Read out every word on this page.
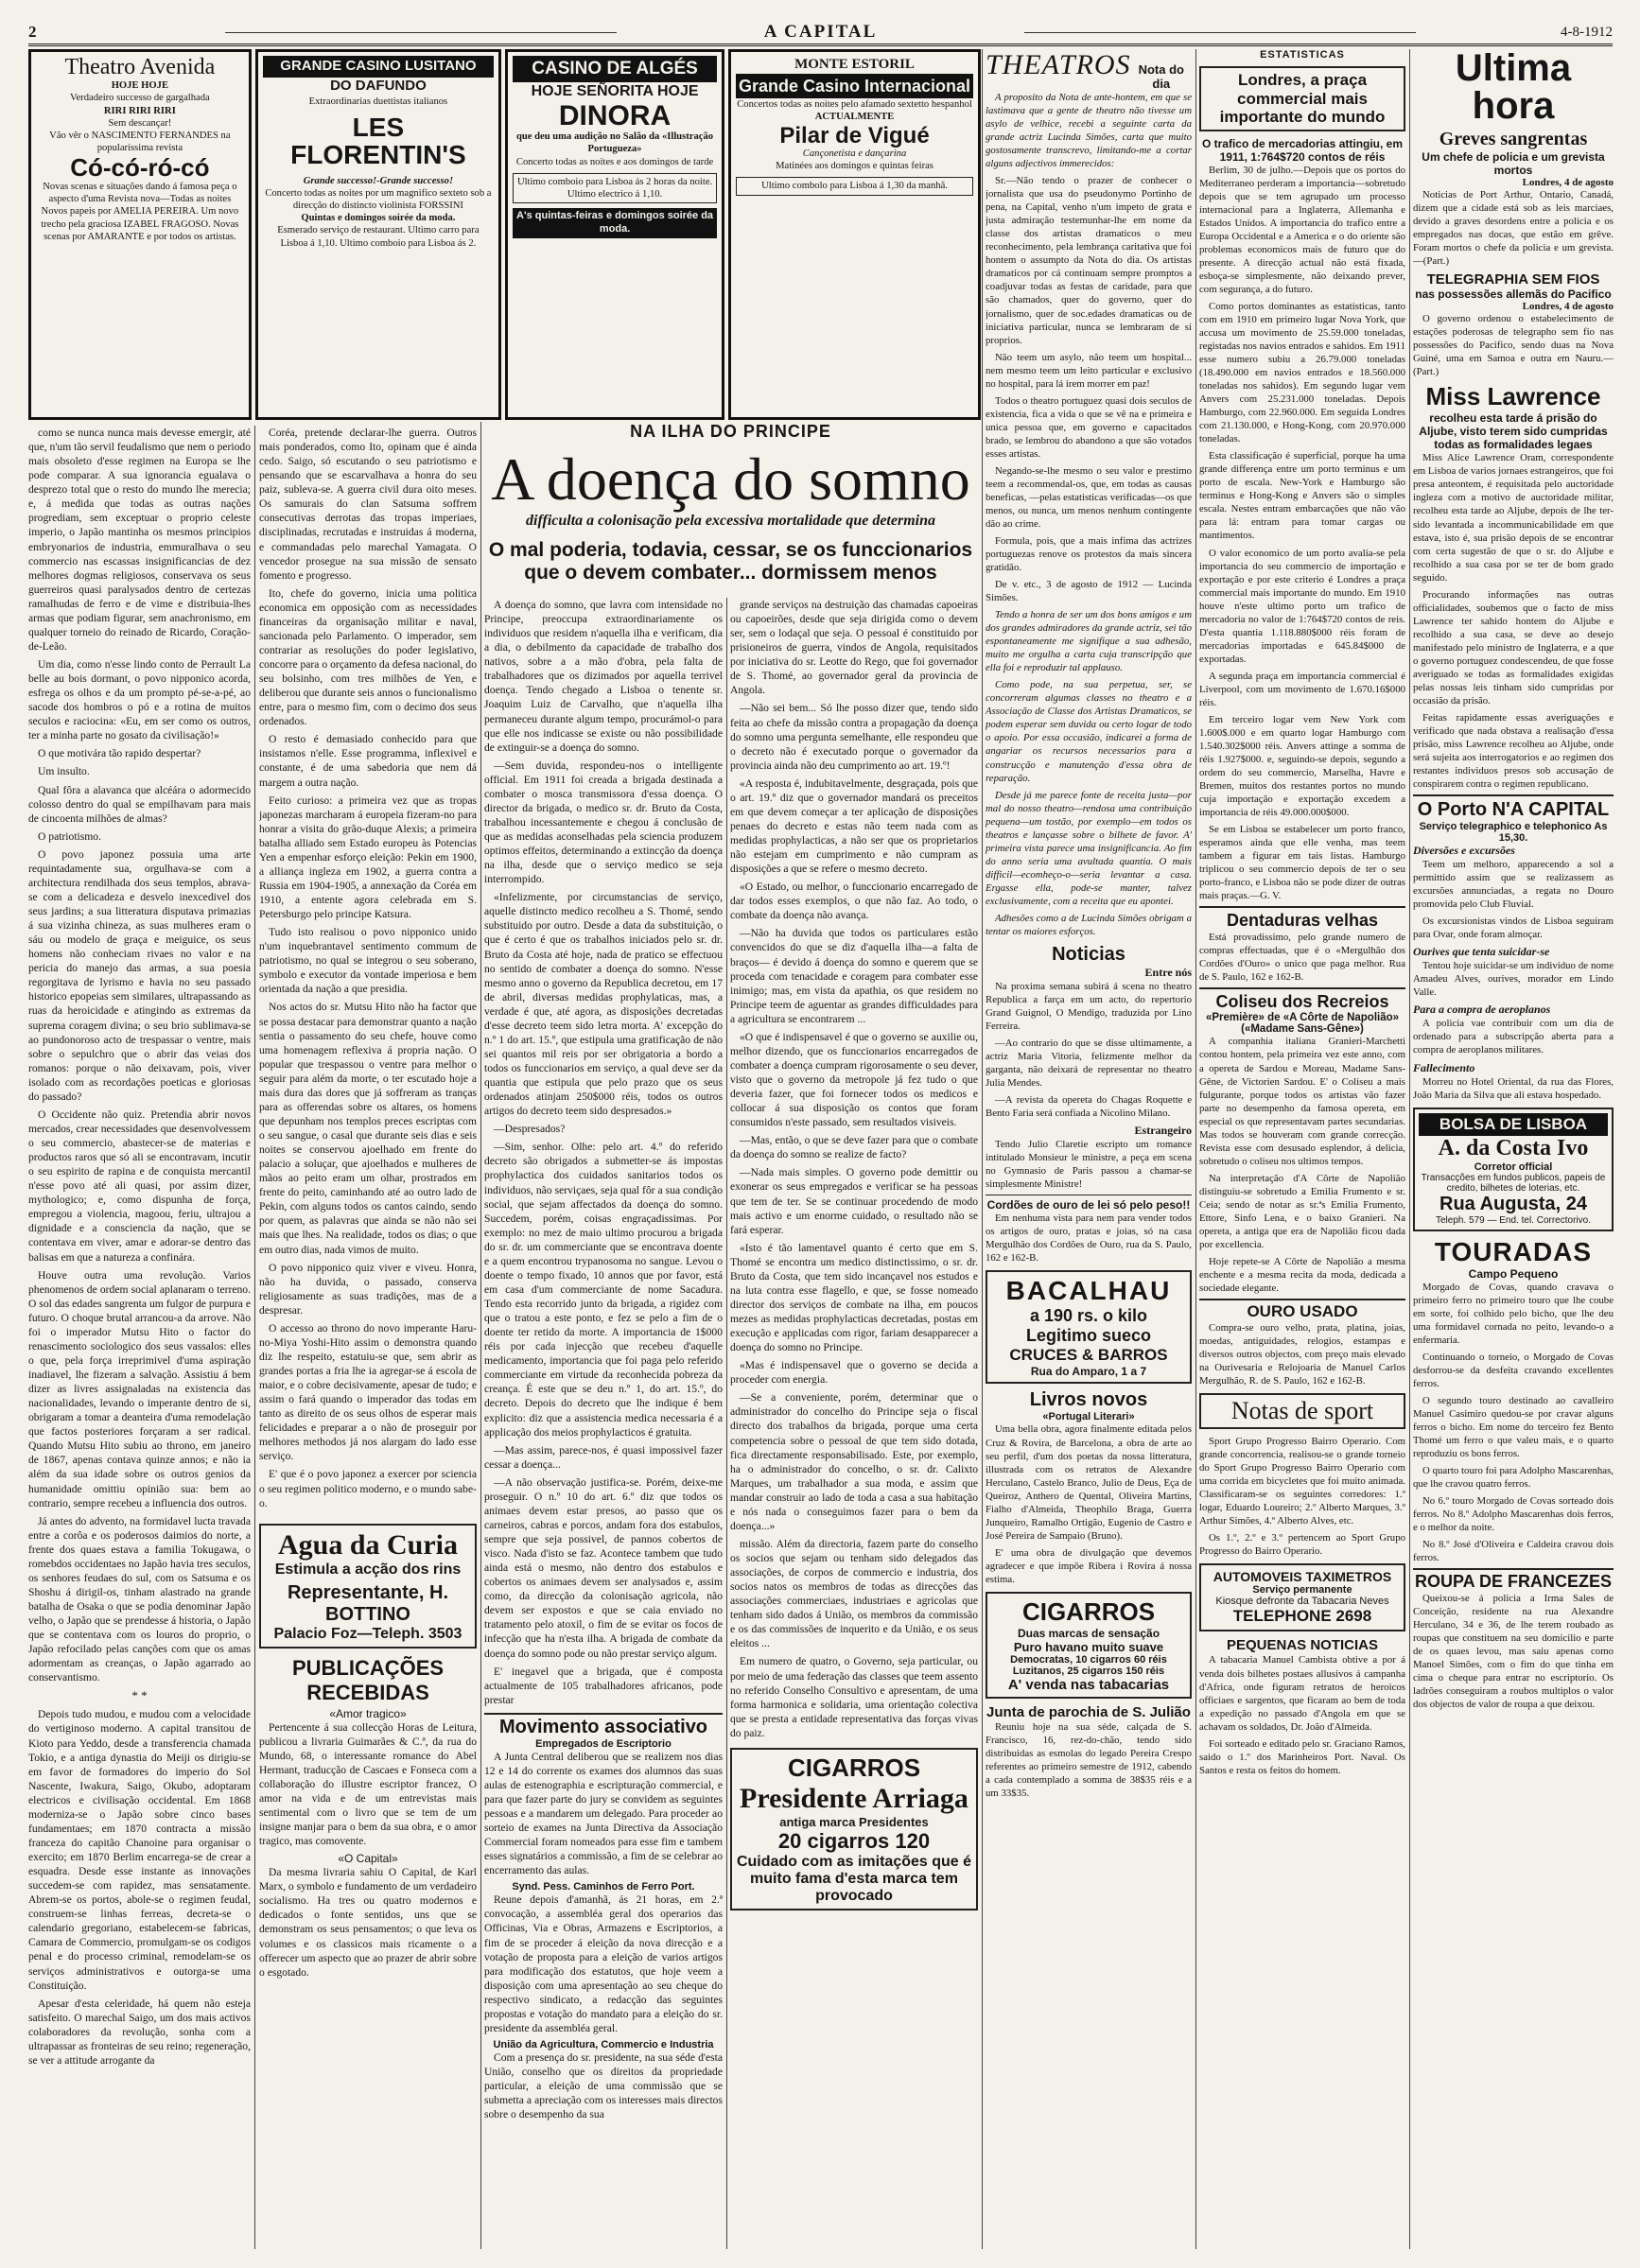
2	A CAPITAL	4-8-1912
Theatro Avenida
HOJE HOJE
Verdadeiro successo de gargalhada
RIRI RIRI RIRI
Sem descançar!
Vão vêr o NASCIMENTO FERNANDES na popularíssima revista
Có-có-ró-có
Novas scenas e situações dando á famosa peça o aspecto d'uma Revista nova—Todas as noites Novos papeis por AMELIA PEREIRA. Um novo trecho pela graciosa IZABEL FRAGOSO. Novas scenas por AMARANTE e por todos os artistas.
GRANDE CASINO LUSITANO
DO DAFUNDO
Extraordinarias duettistas italianos
LES FLORENTIN'S
Grande successo!-Grande successo!
Concerto todas as noites por um magnifico sexteto sob a direcção do distincto violinista FORSSINI
Quintas e domingos soirée da moda.
Esmerado serviço de restaurant. Ultimo carro para Lisboa á 1,10. Ultimo comboio para Lisboa ás 2.
CASINO DE ALGÉS
HOJE SEÑORITA HOJE
DINORA
que deu uma audição no Salão da «Illustração Portugueza»
Concerto todas as noites e aos domingos de tarde
Ultimo comboio para Lisboa ás 2 horas da noite. Ultimo electrico á 1,10.
A's quintas-feiras e domingos soirée da moda.
MONTE ESTORIL
Grande Casino Internacional
Concertos todas as noites pelo afamado sextetto hespanhol
ACTUALMENTE
Pilar de Vigué
Cançonetista e dançarina
Matinées aos domingos e quintas feiras
Ultimo combolo para Lisboa á 1,30 da manhã.

como se nunca nunca mais devesse emergir, até que, n'um tão servil feudalismo que nem o periodo mais obsoleto d'esse regimen na Europa se lhe pode comparar. A sua ignorancia egualava o desprezo total que o resto do mundo lhe merecia; e, á medida que todas as outras nações progrediam, sem exceptuar o proprio celeste imperio, o Japão mantinha os mesmos principios embryonarios de industria, emmuralhava o seu commercio nas escassas insignificancias de dez melhores dogmas religiosos, conservava os seus guerreiros quasi paralysados dentro de certezas ramalhudas de ferro e de vime e distribuia-lhes armas que podiam figurar, sem anachronismo, em qualquer torneio do reinado de Ricardo, Coração-de-Leão.

Um dia, como n'esse lindo conto de Perrault La belle au bois dormant, o povo nipponico acorda, esfrega os olhos e da um prompto pé-se-a-pé, ao sacode dos hombros o pó e a rotina de muitos seculos e raciocina: «Eu, em ser como os outros, ter a minha parte no gosato da civilisação!»

O que motivára tão rapido despertar?

Um insulto.

Qual fôra a alavanca que alcéára o adormecido colosso dentro do qual se empilhavam para mais de cincoenta milhões de almas?

O patriotismo.

O povo japonez possuia uma arte requintadamente sua, orgulhava-se com a architectura rendilhada dos seus templos, abrava-se com a delicadeza e desvelo inexcedivel dos seus jardins; a sua litteratura disputava primazias á sua vizinha chineza, as suas mulheres eram o sáu ou modelo de graça e meiguice, os seus homens não conheciam rivaes no valor e na pericia do manejo das armas, a sua poesia regorgitava de lyrismo e havia no seu passado historico epopeias sem similares, ultrapassando as ruas da heroicidade e atingindo as extremas da suprema coragem divina; o seu brio sublimava-se ao pundonoroso acto de trespassar o ventre, mais sobre o sepulchro que o abrir das veias dos romanos: porque o não deixavam, pois, viver isolado com as recordações poeticas e gloriosas do passado?

O Occidente não quiz. Pretendia abrir novos mercados, crear necessidades que desenvolvessem o seu commercio, abastecer-se de materias e productos raros que só ali se encontravam, incutir o seu espirito de rapina e de conquista mercantil n'esse povo até ali quasi, por assim dizer, mythologico; e, como dispunha de força, empregou a violencia, magoou, feriu, ultrajou a dignidade e a consciencia da nação, que se contentava em viver, amar e adorar-se dentro das balisas em que a natureza a confinára.

Houve outra uma revolução. Varios phenomenos de ordem social aplanaram o terreno. O sol das edades sangrenta um fulgor de purpura e futuro. O choque brutal arrancou-a da arrove. Não foi o imperador Mutsu Hito o factor do renascimento sociologico dos seus vassalos: elles o que, pela força irreprimivel d'uma aspiração inadiavel, lhe fizeram a salvação. Assistiu á bem dizer as livres assignaladas na existencia das nacionalidades, levando o imperante dentro de si, obrigaram a tomar a deanteira d'uma remodelação que factos posteriores forçaram a ser radical. Quando Mutsu Hito subiu ao throno, em janeiro de 1867, apenas contava quinze annos; e não ia além da sua idade sobre os outros genios da humanidade omittiu opinião sua: bem ao contrario, sempre recebeu a influencia dos outros.

Já antes do advento, na formidavel lucta travada entre a corôa e os poderosos daimios do norte, a frente dos quaes estava a familia Tokugawa, o romebdos occidentaes no Japão havia tres seculos, os senhores feudaes do sul, com os Satsuma e os Shoshu á dirigil-os, tinham alastrado na grande batalha de Osaka o que se podia denominar Japão velho, o Japão que se prendesse á historia, o Japão que se contentava com os louros do proprio, o Japão refocilado pelas canções com que os amas adormentam as creanças, o Japão agarrado ao conservantismo.

* *

Depois tudo mudou, e mudou com a velocidade do vertiginoso moderno. A capital transitou de Kioto para Yeddo, desde a transferencia chamada Tokio, e a antiga dynastia do Meiji os dirigiu-se em favor de formadores do imperio do Sol Nascente, Iwakura, Saigo, Okubo, adoptaram electricos e civilisação occidental. Em 1868 moderniza-se o Japão sobre cinco bases fundamentaes; em 1870 contracta a missão franceza do capitão Chanoine para organisar o exercito; em 1870 Berlim encarrega-se de crear a esquadra. Desde esse instante as innovações succedem-se com rapidez, mas sensatamente. Abrem-se os portos, abole-se o regimen feudal, construem-se linhas ferreas, decreta-se o calendario gregoriano, estabelecem-se fabricas, Camara de Commercio, promulgam-se os codigos penal e do processo criminal, remodelam-se os serviços administrativos e outorga-se uma Constituição.

Apesar d'esta celeridade, há quem não esteja satisfeito. O marechal Saigo, um dos mais activos colaboradores da revolução, sonha com a ultrapassar as fronteiras de seu reino; regeneração, se ver a attitude arrogante da

Coréa, pretende declarar-lhe guerra. Outros mais ponderados, como Ito, opinam que é ainda cedo. Saigo, só escutando o seu patriotismo e pensando que se escarvalhava a honra do seu paiz, subleva-se. A guerra civil dura oito meses. Os samurais do clan Satsuma soffrem consecutivas derrotas das tropas imperiaes, disciplinadas, recrutadas e instruidas á moderna, e commandadas pelo marechal Yamagata. O vencedor prosegue na sua missão de sensato fomento e progresso.

Ito, chefe do governo, inicia uma politica economica em opposição com as necessidades financeiras da organisação militar e naval, sancionada pelo Parlamento. O imperador, sem contrariar as resoluções do poder legislativo, concorre para o orçamento da defesa nacional, do seu bolsinho, com tres milhões de Yen, e deliberou que durante seis annos o funcionalismo entre, para o mesmo fim, com o decimo dos seus ordenados.

O resto é demasiado conhecido para que insistamos n'elle. Esse programma, inflexivel e constante, é de uma sabedoria que nem dá margem a outra nação.

Feito curioso: a primeira vez que as tropas japonezas marcharam á europeia fizeram-no para honrar a visita do grão-duque Alexis; a primeira batalha alliado sem Estado europeu às Potencias Yen a empenhar esforço eleição: Pekin em 1900, a alliança ingleza em 1902, a guerra contra a Russia em 1904-1905, a annexação da Coréa em 1910, a entente agora celebrada em S. Petersburgo pelo principe Katsura.

Tudo isto realisou o povo nipponico unido n'um inquebrantavel sentimento commum de patriotismo, no qual se integrou o seu soberano, symbolo e executor da vontade imperiosa e bem orientada da nação a que presidia.

Nos actos do sr. Mutsu Hito não ha factor que se possa destacar para demonstrar quanto a nação sentia o passamento do seu chefe, houve como uma homenagem reflexiva á propria nação. O popular que trespassou o ventre para melhor o seguir para além da morte, o ter escutado hoje a mais dura das dores que já soffreram as tranças para as offerendas sobre os altares, os homens que depunham nos templos preces escriptas com o seu sangue, o casal que durante seis dias e seis noites se conservou ajoelhado em frente do palacio a soluçar, que ajoelhados e mulheres de mãos ao peito eram um olhar, prostrados em frente do peito, caminhando até ao outro lado de Pekin, com alguns todos os cantos caindo, sendo por quem, as palavras que ainda se não não sei mais que lhes. Na realidade, todos os dias; o que em outro dias, nada vimos de muito.

O povo nipponico quiz viver e viveu. Honra, não ha duvida, o passado, conserva religiosamente as suas tradições, mas de a despresar.

O accesso ao throno do novo imperante Haru-no-Miya Yoshi-Hito assim o demonstra quando diz lhe respeito, estatuiu-se que, sem abrir as grandes portas a fria lhe ia agregar-se á escola de maior, e o cobre decisivamente, apesar de tudo; e assim o fará quando o imperador das todas em tanto as direito de os seus olhos de esperar mais felicidades e preparar a o não de proseguir por melhores methodos já nos alargam do lado esse serviço.

E' que é o povo japonez a exercer por sciencia o seu regimen politico moderno, e o mundo sabe-o.

Agua da Curia
Estimula a acção dos rins
Representante, H. BOTTINO
Palacio Foz—Teleph. 3503
PUBLICAÇÕES RECEBIDAS
«Amor tragico»

Pertencente á sua collecção Horas de Leitura, publicou a livraria Guimarães & C.ª, da rua do Mundo, 68, o interessante romance do Abel Hermant, traducção de Cascaes e Fonseca com a collaboração do illustre escriptor francez, O amor na vida e de um entrevistas mais sentimental com o livro que se tem de um insigne manjar para o bem da sua obra, e o amor tragico, mas comovente.

«O Capital»

Da mesma livraria sahiu O Capital, de Karl Marx, o symbolo e fundamento de um verdadeiro socialismo. Ha tres ou quatro modernos e dedicados o fonte sentidos, uns que se demonstram os seus pensamentos; o que leva os volumes e os classicos mais ricamente o a offerecer um aspecto que ao prazer de abrir sobre o esgotado.

NA ILHA DO PRINCIPE
A doença do somno
difficulta a colonisação pela excessiva mortalidade que determina
O mal poderia, todavia, cessar, se os funccionarios
que o devem combater... dormissem menos

A doença do somno, que lavra com intensidade no Principe, preoccupa extraordinariamente os individuos que residem n'aquella ilha e verificam, dia a dia, o debilmento da capacidade de trabalho dos nativos, sobre a a mão d'obra, pela falta de trabalhadores que os dizimados por aquella terrivel doença. Tendo chegado a Lisboa o tenente sr. Joaquim Luiz de Carvalho, que n'aquella ilha permaneceu durante algum tempo, procurámol-o para que elle nos indicasse se existe ou não possibilidade de extinguir-se a doença do somno.

—Sem duvida, respondeu-nos o intelligente official. Em 1911 foi creada a brigada destinada a combater o mosca transmissora d'essa doença. O director da brigada, o medico sr. dr. Bruto da Costa, trabalhou incessantemente e chegou á conclusão de que as medidas aconselhadas pela sciencia produzem optimos effeitos, determinando a extincção da doença na ilha, desde que o serviço medico se seja interrompido.

«Infelizmente, por circumstancias de serviço, aquelle distincto medico recolheu a S. Thomé, sendo substituido por outro. Desde a data da substituição, o que é certo é que os trabalhos iniciados pelo sr. dr. Bruto da Costa até hoje, nada de pratico se effectuou no sentido de combater a doença do somno. N'esse mesmo anno o governo da Republica decretou, em 17 de abril, diversas medidas prophylaticas, mas, a verdade é que, até agora, as disposições decretadas d'esse decreto teem sido letra morta. A' excepção do n.º 1 do art. 15.º, que estipula uma gratificação de não sei quantos mil reis por ser obrigatoria a bordo a todos os funccionarios em serviço, a qual deve ser da quantia que estipula que pelo prazo que os seus ordenados atinjam 250$000 réis, todos os outros artigos do decreto teem sido despresados.»

—Despresados?

—Sim, senhor. Olhe: pelo art. 4.º do referido decreto são obrigados a submetter-se ás impostas prophylactica dos cuidados sanitarios todos os individuos, não serviçaes, seja qual fôr a sua condição social, que sejam affectados da doença do somno. Succedem, porém, coisas engraçadissimas. Por exemplo: no mez de maio ultimo procurou a brigada do sr. dr. um commerciante que se encontrava doente e a quem encontrou trypanosoma no sangue. Levou o doente o tempo fixado, 10 annos que por favor, está em casa d'um commerciante de nome Sacadura. Tendo esta recorrido junto da brigada, a rigidez com que o tratou a este ponto, e fez se pelo a fim de o doente ter retido da morte. A importancia de 1$000 réis por cada injecção que recebeu d'aquelle medicamento, importancia que foi paga pelo referido commerciante em virtude da reconhecida pobreza da creança. É este que se deu n.º 1, do art. 15.º, do decreto. Depois do decreto que lhe indique é bem explicito: diz que a assistencia medica necessaria é a applicação dos meios prophylacticos é gratuita.

—Mas assim, parece-nos, é quasi impossivel fazer cessar a doença...

—A não observação justifica-se. Porém, deixe-me proseguir. O n.º 10 do art. 6.º diz que todos os animaes devem estar presos, ao passo que os carneiros, cabras e porcos, andam fora dos estabulos, sempre que seja possivel, de pannos cobertos de visco. Nada d'isto se faz. Acontece tambem que tudo ainda está o mesmo, não dentro dos estabulos e cobertos os animaes devem ser analysados e, assim como, da direcção da colonisação agricola, não devem ser expostos e que se caia enviado no tratamento pelo atoxil, o fim de se evitar os focos de infecção que ha n'esta ilha. A brigada de combate da doença do somno pode ou não prestar serviço algum.

E' inegavel que a brigada, que é composta actualmente de 105 trabalhadores africanos, pode prestar

Movimento associativo
Empregados de Escriptorio

A Junta Central deliberou que se realizem nos dias 12 e 14 do corrente os exames dos alumnos das suas aulas de estenographia e escripturação commercial, e para que fazer parte do jury se convidem as seguintes pessoas e a mandarem um delegado. Para proceder ao sorteio de exames na Junta Directiva da Associação Commercial foram nomeados para esse fim e tambem esses signatários a commissão, a fim de se celebrar ao encerramento das aulas.

Synd. Pess. Caminhos de Ferro Port.

Reune depois d'amanhã, ás 21 horas, em 2.ª convocação, a assembléa geral dos operarios das Officinas, Via e Obras, Armazens e Escriptorios, a fim de se proceder á eleição da nova direcção e a votação de proposta para a eleição de varios artigos para modificação dos estatutos, que hoje veem a disposição com uma apresentação ao seu cheque do respectivo sindicato, a redacção das seguintes propostas e votação do mandato para a eleição do sr. presidente da assembléa geral.

União da Agricultura, Commercio e Industria

Com a presença do sr. presidente, na sua séde d'esta União, conselho que os direitos da propriedade particular, a eleição de uma commissão que se submetta a apreciação com os interesses mais directos sobre o desempenho da sua

grande serviços na destruição das chamadas capoeiras ou capoeirões, desde que seja dirigida como o devem ser, sem o lodaçal que seja. O pessoal é constituido por prisioneiros de guerra, vindos de Angola, requisitados por iniciativa do sr. Leotte do Rego, que foi governador de S. Thomé, ao governador geral da provincia de Angola.

—Não sei bem... Só lhe posso dizer que, tendo sido feita ao chefe da missão contra a propagação da doença do somno uma pergunta semelhante, elle respondeu que o decreto não é executado porque o governador da provincia ainda não deu cumprimento ao art. 19.º!

«A resposta é, indubitavelmente, desgraçada, pois que o art. 19.º diz que o governador mandará os preceitos em que devem começar a ter aplicação de disposições penaes do decreto e estas não teem nada com as medidas prophylacticas, a não ser que os proprietarios não estejam em cumprimento e não cumpram as disposições a que se refere o mesmo decreto.

«O Estado, ou melhor, o funccionario encarregado de dar todos esses exemplos, o que não faz. Ao todo, o combate da doença não avança.

—Não ha duvida que todos os particulares estão convencidos do que se diz d'aquella ilha—a falta de braços— é devido á doença do somno e querem que se proceda com tenacidade e coragem para combater esse inimigo; mas, em vista da apathia, os que residem no Principe teem de aguentar as grandes difficuldades para a agricultura se encontrarem ...

«O que é indispensavel é que o governo se auxilie ou, melhor dizendo, que os funccionarios encarregados de combater a doença cumpram rigorosamente o seu dever, visto que o governo da metropole já fez tudo o que deveria fazer, que foi fornecer todos os medicos e collocar á sua disposição os contos que foram consumidos n'este passado, sem resultados visiveis.

—Mas, então, o que se deve fazer para que o combate da doença do somno se realize de facto?

—Nada mais simples. O governo pode demittir ou exonerar os seus empregados e verificar se ha pessoas que tem de ter. Se se continuar procedendo de modo mais activo e um enorme cuidado, o resultado não se fará esperar.

«Isto é tão lamentavel quanto é certo que em S. Thomé se encontra um medico distinctissimo, o sr. dr. Bruto da Costa, que tem sido incançavel nos estudos e na luta contra esse flagello, e que, se fosse nomeado director dos serviços de combate na ilha, em poucos mezes as medidas prophylacticas decretadas, postas em execução e applicadas com rigor, fariam desapparecer a doença do somno no Principe.

«Mas é indispensavel que o governo se decida a proceder com energia.

—Se a conveniente, porém, determinar que o administrador do concelho do Principe seja o fiscal directo dos trabalhos da brigada, porque uma certa competencia sobre o pessoal de que tem sido dotada, fica directamente responsabilisado. Este, por exemplo, ha o administrador do concelho, o sr. dr. Calixto Marques, um trabalhador a sua moda, e assim que mandar construir ao lado de toda a casa a sua habitação e nós nada o conseguimos fazer para o bem da doença...»

missão. Além da directoria, fazem parte do conselho os socios que sejam ou tenham sido delegados das associações, de corpos de commercio e industria, dos socios natos os membros de todas as direcções das associações commerciaes, industriaes e agricolas que tenham sido dados á União, os membros da commissão e os das commissões de inquerito e da União, e os seus eleitos ...

Em numero de quatro, o Governo, seja particular, ou por meio de uma federação das classes que teem assento no referido Conselho Consultivo e apresentam, de uma forma harmonica e solidaria, uma orientação colectiva que se presta a entidade representativa das forças vivas do paiz.

CIGARROS
Presidente Arriaga
antiga marca Presidentes
20 cigarros 120
Cuidado com as imitações que é muito fama d'esta marca tem provocado
THEATROS Nota do dia

A proposito da Nota de ante-hontem, em que se lastimava que a gente de theatro não tivesse um asylo de velhice, recebi a seguinte carta da grande actriz Lucinda Simões, carta que muito gostosamente transcrevo, limitando-me a cortar alguns adjectivos immerecidos:

Sr.—Não tendo o prazer de conhecer o jornalista que usa do pseudonymo Portinho de pena, na Capital, venho n'um impeto de grata e justa admiração testemunhar-lhe em nome da classe dos artistas dramaticos o meu reconhecimento, pela lembrança caritativa que foi hontem o assumpto da Nota do dia. Os artistas dramaticos por cá continuam sempre promptos a coadjuvar todas as festas de caridade, para que são chamados, quer do governo, quer do jornalismo, quer de soc.edades dramaticas ou de iniciativa particular, nunca se lembraram de si proprios.

Não teem um asylo, não teem um hospital... nem mesmo teem um leito particular e exclusivo no hospital, para lá irem morrer em paz!

Todos o theatro portuguez quasi dois seculos de existencia, fica a vida o que se vê na e primeira e unica pessoa que, em governo e capacitados brado, se lembrou do abandono a que são votados esses artistas.

Negando-se-lhe mesmo o seu valor e prestimo teem a recommendal-os, que, em todas as causas beneficas, —pelas estatisticas verificadas—os que menos, ou nunca, um menos nenhum contingente dão ao crime.

Formula, pois, que a mais infima das actrizes portuguezas renove os protestos da mais sincera gratidão.

De v. etc., 3 de agosto de 1912 — Lucinda Simões.

Tendo a honra de ser um dos bons amigos e um dos grandes admiradores da grande actriz, sei tão espontaneamente me signifique a sua adhesão, muito me orgulha a carta cuja transcripção que ella foi e reproduzir tal applauso.

Como pode, na sua perpetua, ser, se concorreram algumas classes no theatro e a Associação de Classe dos Artistas Dramaticos, se podem esperar sem duvida ou certo logar de todo o apoio. Por essa occasião, indicarei a forma de angariar os recursos necessarios para a construcção e manutenção d'essa obra de reparação.

Desde já me parece fonte de receita justa—por mal do nosso theatro—rendosa uma contribuição pequena—um tostão, por exemplo—em todos os theatros e lançasse sobre o bilhete de favor. A' primeira vista parece uma insignificancia. Ao fim do anno seria uma avultada quantia. O mais difficil—ecomheço-o—seria levantar a casa. Ergasse ella, pode-se manter, talvez exclusivamente, com a receita que eu apontei.

Adhesões como a de Lucinda Simões obrigam a tentar os maiores esforços.

Noticias
Entre nós

Na proxima semana subirá á scena no theatro Republica a farça em um acto, do repertorio Grand Guignol, O Mendigo, traduzida por Lino Ferreira.

—Ao contrario do que se disse ultimamente, a actriz Maria Vitoria, felizmente melhor da garganta, não deixará de representar no theatro Julia Mendes.

—A revista da opereta do Chagas Roquette e Bento Faria será confiada a Nicolino Milano.

Estrangeiro

Tendo Julio Claretie escripto um romance intitulado Monsieur le ministre, a peça em scena no Gymnasio de Paris passou a chamar-se simplesmente Ministre!

Cordões de ouro de lei só pelo peso!!

Em nenhuma vista para nem para vender todos os artigos de ouro, pratas e joias, só na casa Mergulhão dos Cordões de Ouro, rua da S. Paulo, 162 e 162-B.

BACALHAU
a 190 rs. o kilo
Legitimo sueco
CRUCES & BARROS
Rua do Amparo, 1 a 7
Livros novos
«Portugal Literari»

Uma bella obra, agora finalmente editada pelos Cruz & Rovira, de Barcelona, a obra de arte ao seu perfil, d'um dos poetas da nossa litteratura, illustrada com os retratos de Alexandre Herculano, Castelo Branco, Julio de Deus, Eça de Queiroz, Anthero de Quental, Oliveira Martins, Fialho d'Almeida, Theophilo Braga, Guerra Junqueiro, Ramalho Ortigão, Eugenio de Castro e José Pereira de Sampaio (Bruno).

E' uma obra de divulgação que devemos agradecer e que impõe Ribera i Rovira á nossa estima.

CIGARROS
Duas marcas de sensação
Puro havano muito suave
Democratas, 10 cigarros 60 réis
Luzitanos, 25 cigarros 150 réis
A' venda nas tabacarias
Junta de parochia de S. Julião

Reuniu hoje na sua séde, calçada de S. Francisco, 16, rez-do-chão, tendo sido distribuidas as esmolas do legado Pereira Crespo referentes ao primeiro semestre de 1912, cabendo a cada contemplado a somma de 38$35 réis e a um 33$35.

ESTATISTICAS
Londres, a praça commercial mais importante do mundo
O trafico de mercadorias attingiu, em 1911, 1:764$720 contos de réis

Berlim, 30 de julho.—Depois que os portos do Mediterraneo perderam a importancia—sobretudo depois que se tem agrupado um processo internacional para a Inglaterra, Allemanha e Estados Unidos. A importancia do trafico entre a Europa Occidental e a America e o do oriente são problemas economicos mais de futuro que do presente. A direcção actual não está fixada, esboça-se simplesmente, não deixando prever, com segurança, a do futuro.

Como portos dominantes as estatisticas, tanto com em 1910 em primeiro lugar Nova York, que accusa um movimento de 25.59.000 toneladas, registadas nos navios entrados e sahidos. Em 1911 esse numero subiu a 26.79.000 toneladas (18.490.000 em navios entrados e 18.560.000 toneladas nos sahidos). Em segundo lugar vem Anvers com 25.231.000 toneladas. Depois Hamburgo, com 22.960.000. Em seguida Londres com 21.130.000, e Hong-Kong, com 20.970.000 toneladas.

Esta classificação é superficial, porque ha uma grande differença entre um porto terminus e um porto de escala. New-York e Hamburgo são terminus e Hong-Kong e Anvers são o simples escala. Nestes entram embarcações que não vão para lá: entram para tomar cargas ou mantimentos.

O valor economico de um porto avalia-se pela importancia do seu commercio de importação e exportação e por este criterio é Londres a praça commercial mais importante do mundo. Em 1910 houve n'este ultimo porto um trafico de mercadoria no valor de 1:764$720 contos de reis. D'esta quantia 1.118.880$000 réis foram de mercadorias importadas e 645.84$000 de exportadas.

A segunda praça em importancia commercial é Liverpool, com um movimento de 1.670.16$000 réis.

Em terceiro logar vem New York com 1.600$.000 e em quarto logar Hamburgo com 1.540.302$000 réis. Anvers attinge a somma de réis 1.927$000. e, seguindo-se depois, segundo a ordem do seu commercio, Marselha, Havre e Bremen, muitos dos restantes portos no mundo cuja importação e exportação excedem a importancia de réis 49.000.000$000.

Se em Lisboa se estabelecer um porto franco, esperamos ainda que elle venha, mas teem tambem a figurar em tais listas. Hamburgo triplicou o seu commercio depois de ter o seu porto-franco, e Lisboa não se pode dizer de outras mais praças.—G. V.

Dentaduras velhas

Está provadissimo, pelo grande numero de compras effectuadas, que é o «Mergulhão dos Cordões d'Ouro» o unico que paga melhor. Rua de S. Paulo, 162 e 162-B.

Coliseu dos Recreios
«Première» de «A Côrte de Napolião» («Madame Sans-Gêne»)

A companhia italiana Granieri-Marchetti contou hontem, pela primeira vez este anno, com a opereta de Sardou e Moreau, Madame Sans-Gêne, de Victorien Sardou. E' o Coliseu a mais fulgurante, porque todos os artistas vão fazer parte no desempenho da famosa opereta, em especial os que representavam partes secundarias. Mas todos se houveram com grande correcção. Revista esse com desusado esplendor, á delicia, sobretudo o coliseu nos ultimos tempos.

Na interpretação d'A Côrte de Napolião distinguiu-se sobretudo a Emilia Frumento e sr. Ceia; sendo de notar as sr.ªs Emilia Frumento, Ettore, Sinfo Lena, e o baixo Granieri. Na opereta, a antiga que era de Napolião ficou dada por excellencia.

Hoje repete-se A Côrte de Napolião a mesma enchente e a mesma recita da moda, dedicada a sociedade elegante.

OURO USADO

Compra-se ouro velho, prata, platina, joias, moedas, antiguidades, relogios, estampas e diversos outros objectos, com preço mais elevado na Ourivesaria e Relojoaria de Manuel Carlos Mergulhão, R. de S. Paulo, 162 e 162-B.

Notas de sport

Sport Grupo Progresso Bairro Operario. Com grande concorrencia, realisou-se o grande torneio do Sport Grupo Progresso Bairro Operario com uma corrida em bicycletes que foi muito animada. Classificaram-se os seguintes corredores: 1.º logar, Eduardo Loureiro; 2.º Alberto Marques, 3.º Arthur Simões, 4.º Alberto Alves, etc.

Os 1.º, 2.º e 3.º pertencem ao Sport Grupo Progresso do Bairro Operario.

AUTOMOVEIS TAXIMETROS
Serviço permanente
Kiosque defronte da Tabacaria Neves
TELEPHONE 2698
PEQUENAS NOTICIAS

A tabacaria Manuel Cambista obtive a por á venda dois bilhetes postaes allusivos á campanha d'Africa, onde figuram retratos de heroicos officiaes e sargentos, que ficaram ao bem de toda a expedição no passado d'Angola em que se achavam os soldados, Dr. João d'Almeida.

Foi sorteado e editado pelo sr. Graciano Ramos, saido o 1.º dos Marinheiros Port. Naval. Os Santos e resta os feitos do homem.

Ultima hora
Greves sangrentas
Um chefe de policia e um grevista mortos
Londres, 4 de agosto

Noticias de Port Arthur, Ontario, Canadá, dizem que a cidade está sob as leis marciaes, devido a graves desordens entre a policia e os empregados nas docas, que estão em grêve. Foram mortos o chefe da policia e um grevista.—(Part.)

TELEGRAPHIA SEM FIOS
nas possessões allemãs do Pacifico
Londres, 4 de agosto

O governo ordenou o estabelecimento de estações poderosas de telegrapho sem fio nas possessões do Pacifico, sendo duas na Nova Guiné, uma em Samoa e outra em Nauru.—(Part.)

Miss Lawrence
recolheu esta tarde á prisão do Aljube, visto terem sido cumpridas todas as formalidades legaes

Miss Alice Lawrence Oram, correspondente em Lisboa de varios jornaes estrangeiros, que foi presa anteontem, é requisitada pelo auctoridade ingleza com a motivo de auctoridade militar, recolheu esta tarde ao Aljube, depois de lhe ter-sido levantada a incommunicabilidade em que estava, isto é, sua prisão depois de se encontrar com certa sugestão de que o sr. do Aljube e recolhido a sua casa por se ter de bom grado seguido.

Procurando informações nas outras officialidades, soubemos que o facto de miss Lawrence ter sahido hontem do Aljube e recolhido a sua casa, se deve ao desejo manifestado pelo ministro de Inglaterra, e a que o governo portuguez condescendeu, de que fosse averiguado se todas as formalidades exigidas pelas nossas leis tinham sido cumpridas por occasião da prisão.

Feitas rapidamente essas averiguações e verificado que nada obstava a realisação d'essa prisão, miss Lawrence recolheu ao Aljube, onde será sujeita aos interrogatorios e ao regimen dos restantes individuos presos sob accusação de conspirarem contra o regimen republicano.

O Porto N'A CAPITAL
Serviço telegraphico e telephonico As 15,30.
Diversões e excursões

Teem um melhoro, apparecendo a sol a permittido assim que se realizassem as excursões annunciadas, a regata no Douro promovida pelo Club Fluvial.

Os excursionistas vindos de Lisboa seguiram para Ovar, onde foram almoçar.

Ourives que tenta suicidar-se

Tentou hoje suicidar-se um individuo de nome Amadeu Alves, ourives, morador em Lindo Valle.

Para a compra de aeroplanos

A policia vae contribuir com um dia de ordenado para a subscripção aberta para a compra de aeroplanos militares.

Fallecimento

Morreu no Hotel Oriental, da rua das Flores, João Maria da Silva que ali estava hospedado.

BOLSA DE LISBOA
A. da Costa Ivo
Corretor official
Transacções em fundos publicos, papeis de credito, bilhetes de loterias, etc.
Rua Augusta, 24
Teleph. 579 — End. tel. Correctorivo.
TOURADAS
Campo Pequeno

Morgado de Covas, quando cravava o primeiro ferro no primeiro touro que lhe coube em sorte, foi colhido pelo bicho, que lhe deu uma formidavel cornada no peito, levando-o a enfermaria.

Continuando o torneio, o Morgado de Covas desforrou-se da desfeita cravando excellentes ferros.

O segundo touro destinado ao cavalleiro Manuel Casimiro quedou-se por cravar alguns ferros o bicho. Em nome do terceiro fez Bento Thomé um ferro o que valeu mais, e o quarto reproduziu os bons ferros.

O quarto touro foi para Adolpho Mascarenhas, que lhe cravou quatro ferros.

No 6.º touro Morgado de Covas sorteado dois ferros. No 8.º Adolpho Mascarenhas dois ferros, e o melhor da noite.

No 8.º José d'Oliveira e Caldeira cravou dois ferros.

ROUPA DE FRANCEZES

Queixou-se á policia a Irma Sales de Conceição, residente na rua Alexandre Herculano, 34 e 36, de lhe terem roubado as roupas que constituem na seu domicilio e parte de os quaes levou, mas saiu apenas como Manoel Simões, com o fim do que tinha em cima o cheque para entrar no escriptorio. Os ladrões conseguiram a roubos multiplos o valor dos objectos de valor de roupa a que deixou.
